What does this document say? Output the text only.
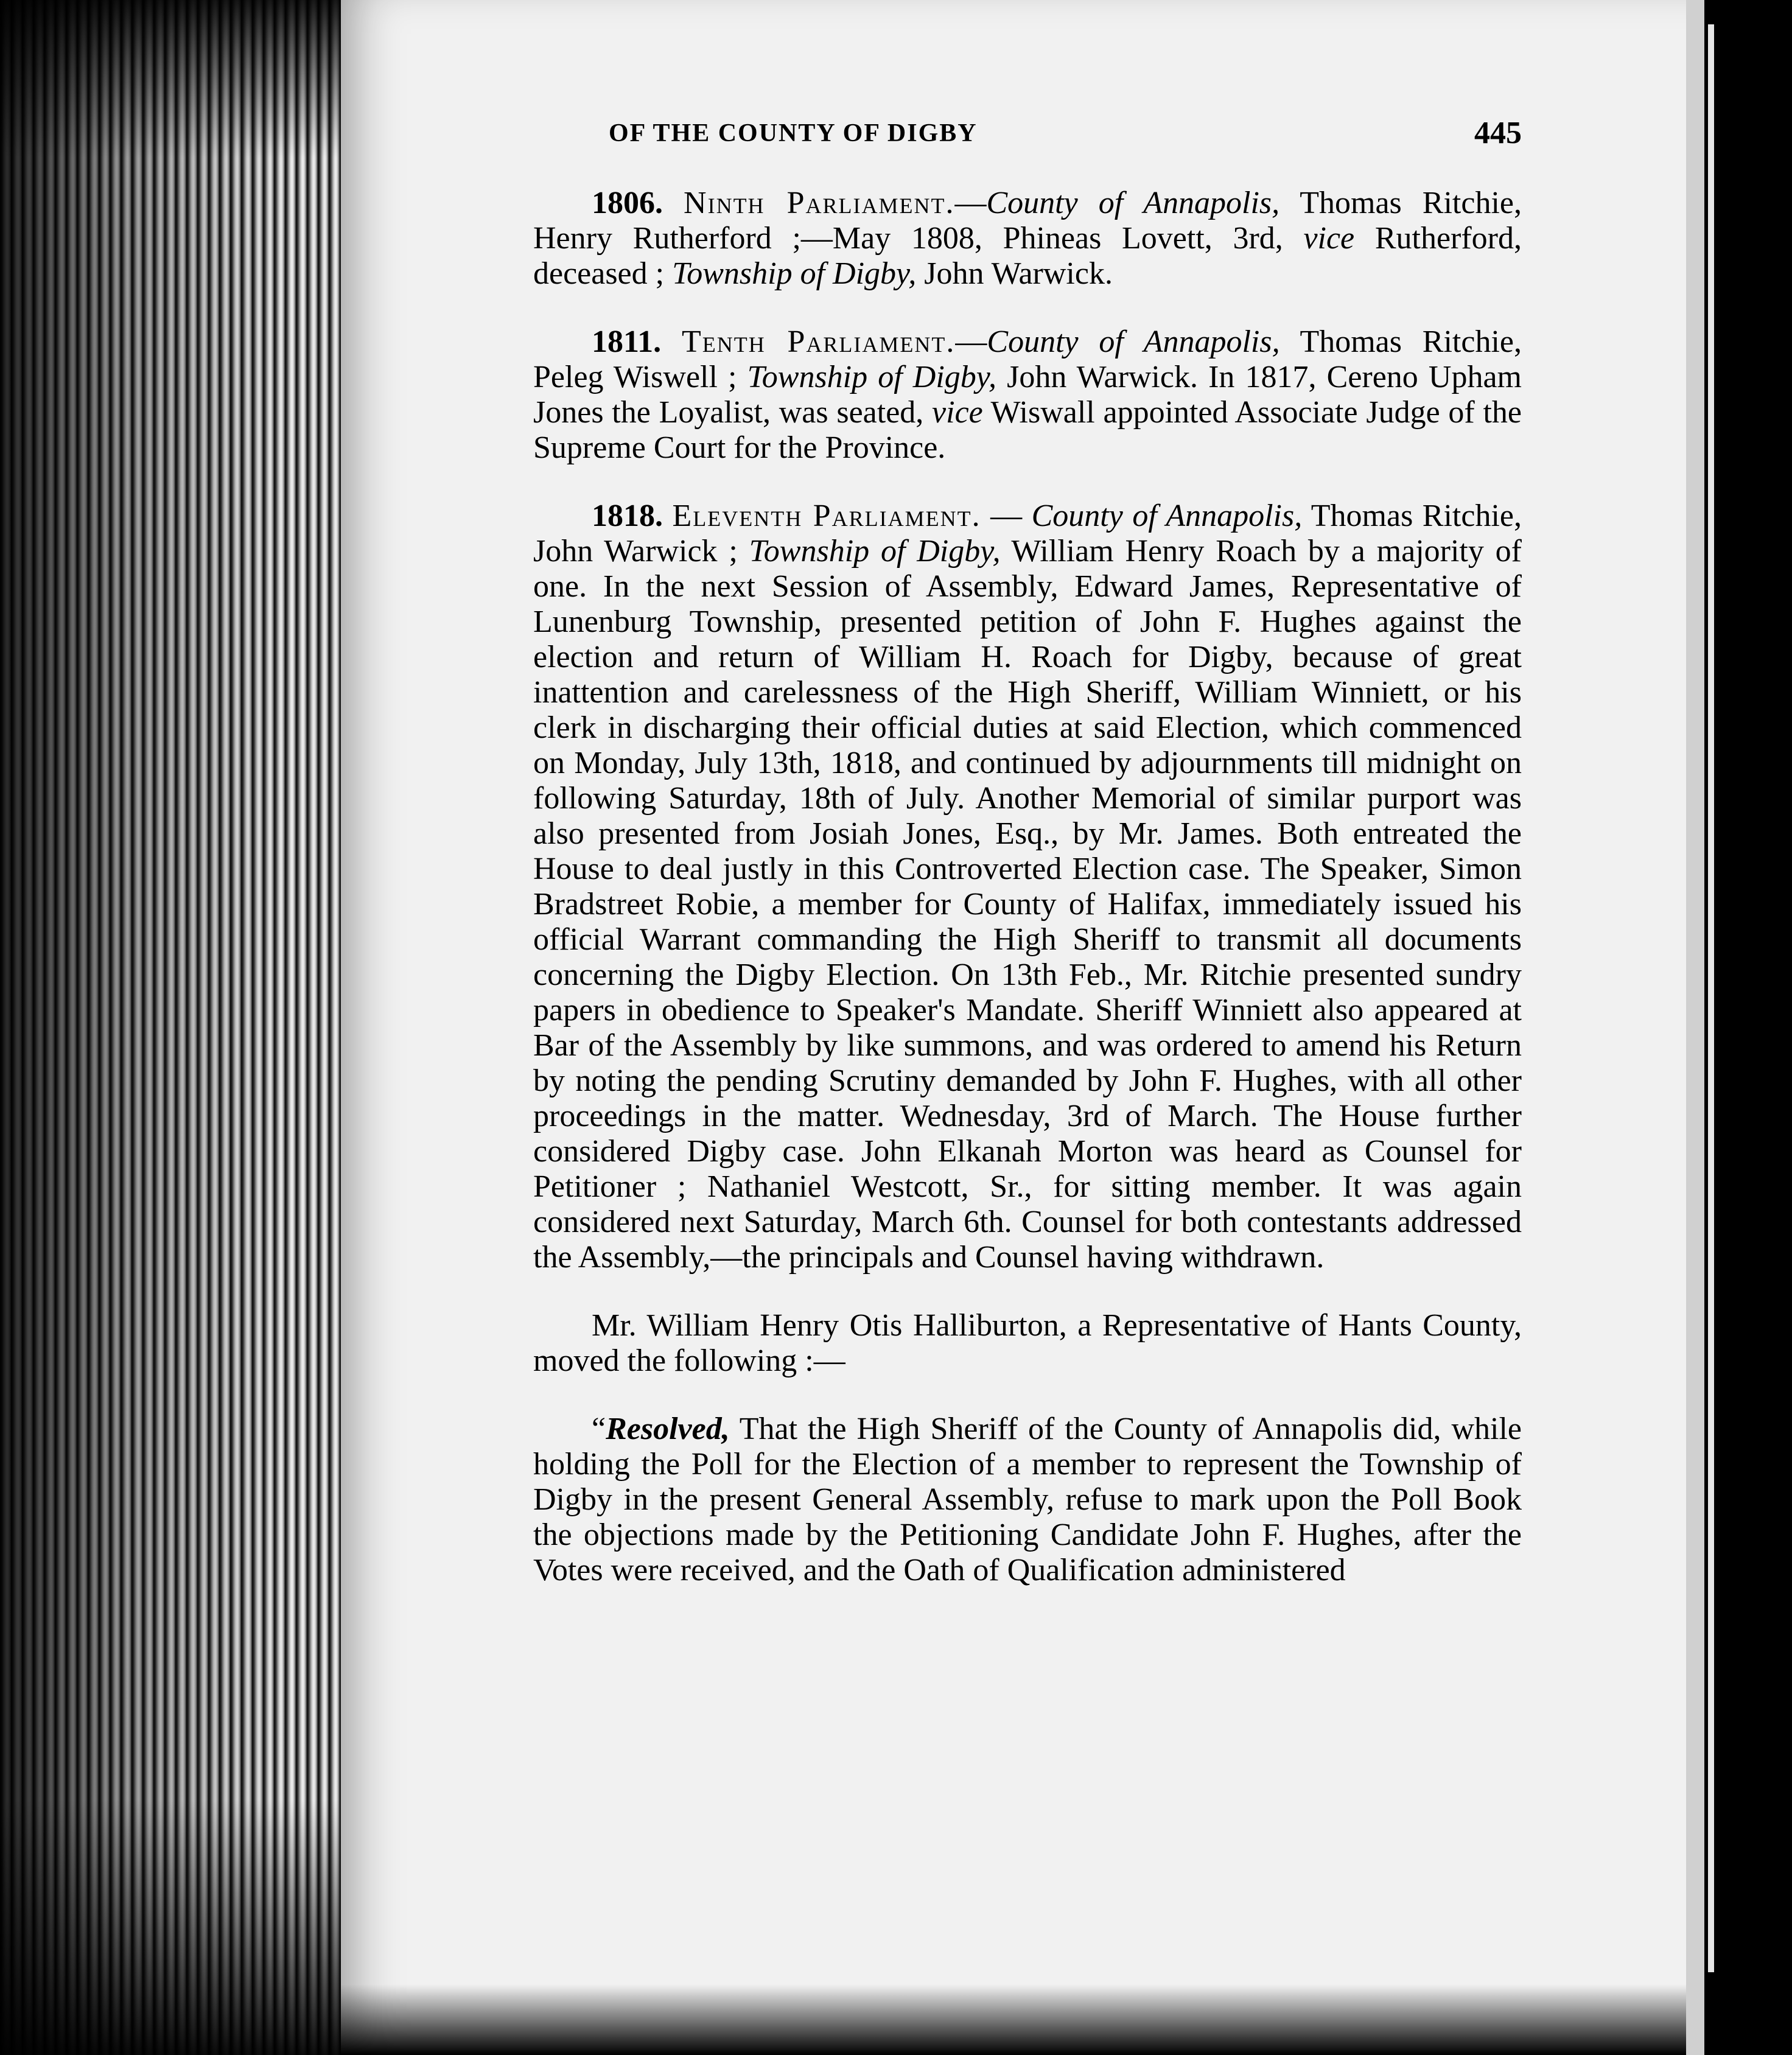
OF THE COUNTY OF DIGBY	445

1806. Ninth Parliament.—County of Annapolis, Thomas Ritchie, Henry Rutherford ;—May 1808, Phineas Lovett, 3rd, vice Rutherford, deceased ; Township of Digby, John Warwick.

1811. Tenth Parliament.—County of Annapolis, Thomas Ritchie, Peleg Wiswell ; Township of Digby, John Warwick. In 1817, Cereno Upham Jones the Loyalist, was seated, vice Wiswall appointed Associate Judge of the Supreme Court for the Province.

1818. Eleventh Parliament. — County of Annapolis, Thomas Ritchie, John Warwick ; Township of Digby, William Henry Roach by a majority of one. In the next Session of Assembly, Edward James, Representative of Lunenburg Township, presented petition of John F. Hughes against the election and return of William H. Roach for Digby, because of great inattention and carelessness of the High Sheriff, William Winniett, or his clerk in discharging their official duties at said Election, which commenced on Monday, July 13th, 1818, and continued by adjournments till midnight on following Saturday, 18th of July. Another Memorial of similar purport was also presented from Josiah Jones, Esq., by Mr. James. Both entreated the House to deal justly in this Controverted Election case. The Speaker, Simon Bradstreet Robie, a member for County of Halifax, immediately issued his official Warrant commanding the High Sheriff to transmit all documents concerning the Digby Election. On 13th Feb., Mr. Ritchie presented sundry papers in obedience to Speaker's Mandate. Sheriff Winniett also appeared at Bar of the Assembly by like summons, and was ordered to amend his Return by noting the pending Scrutiny demanded by John F. Hughes, with all other proceedings in the matter. Wednesday, 3rd of March. The House further considered Digby case. John Elkanah Morton was heard as Counsel for Petitioner ; Nathaniel Westcott, Sr., for sitting member. It was again considered next Saturday, March 6th. Counsel for both contestants addressed the Assembly,—the principals and Counsel having withdrawn.

Mr. William Henry Otis Halliburton, a Representative of Hants County, moved the following :—

“Resolved, That the High Sheriff of the County of Annapolis did, while holding the Poll for the Election of a member to represent the Township of Digby in the present General Assembly, refuse to mark upon the Poll Book the objections made by the Petitioning Candidate John F. Hughes, after the Votes were received, and the Oath of Qualification administered
